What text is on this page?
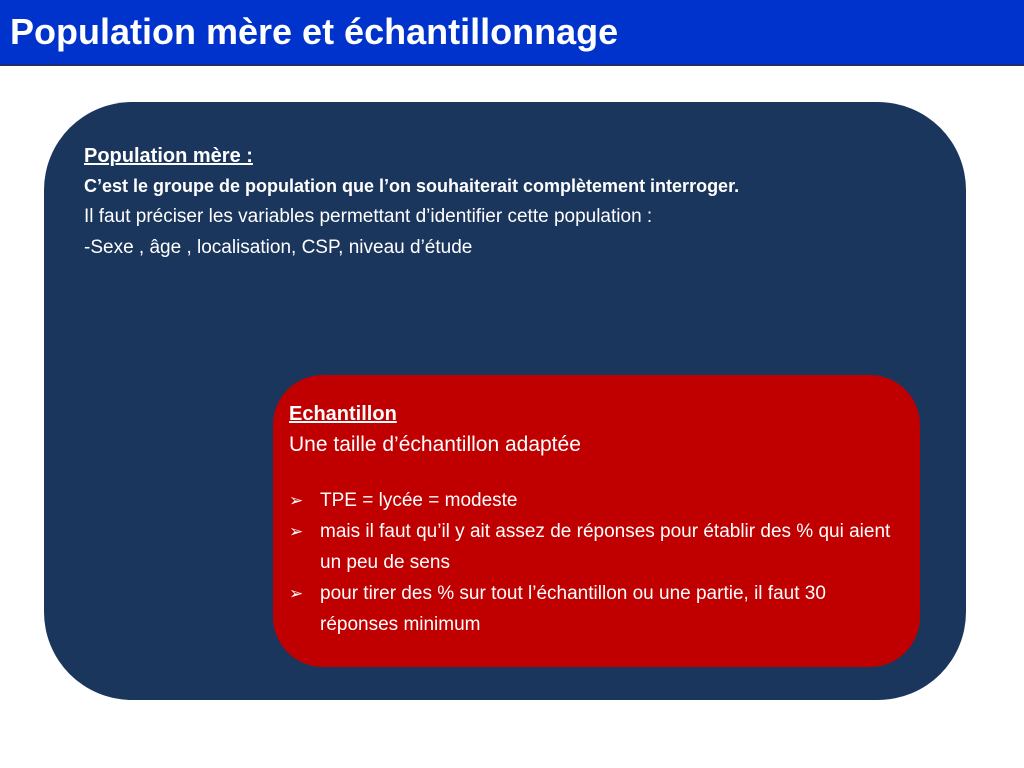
Population mère et échantillonnage
Population mère :
C’est le groupe de population que l’on souhaiterait complètement interroger.
Il faut préciser les variables permettant d’identifier cette population :
-Sexe , âge , localisation, CSP, niveau d’étude
Echantillon
Une taille d’échantillon adaptée
➢ TPE = lycée = modeste
➢ mais il faut qu’il y ait assez de réponses pour établir des % qui aient un peu de sens
➢ pour tirer des % sur tout l’échantillon ou une partie, il faut 30 réponses minimum
